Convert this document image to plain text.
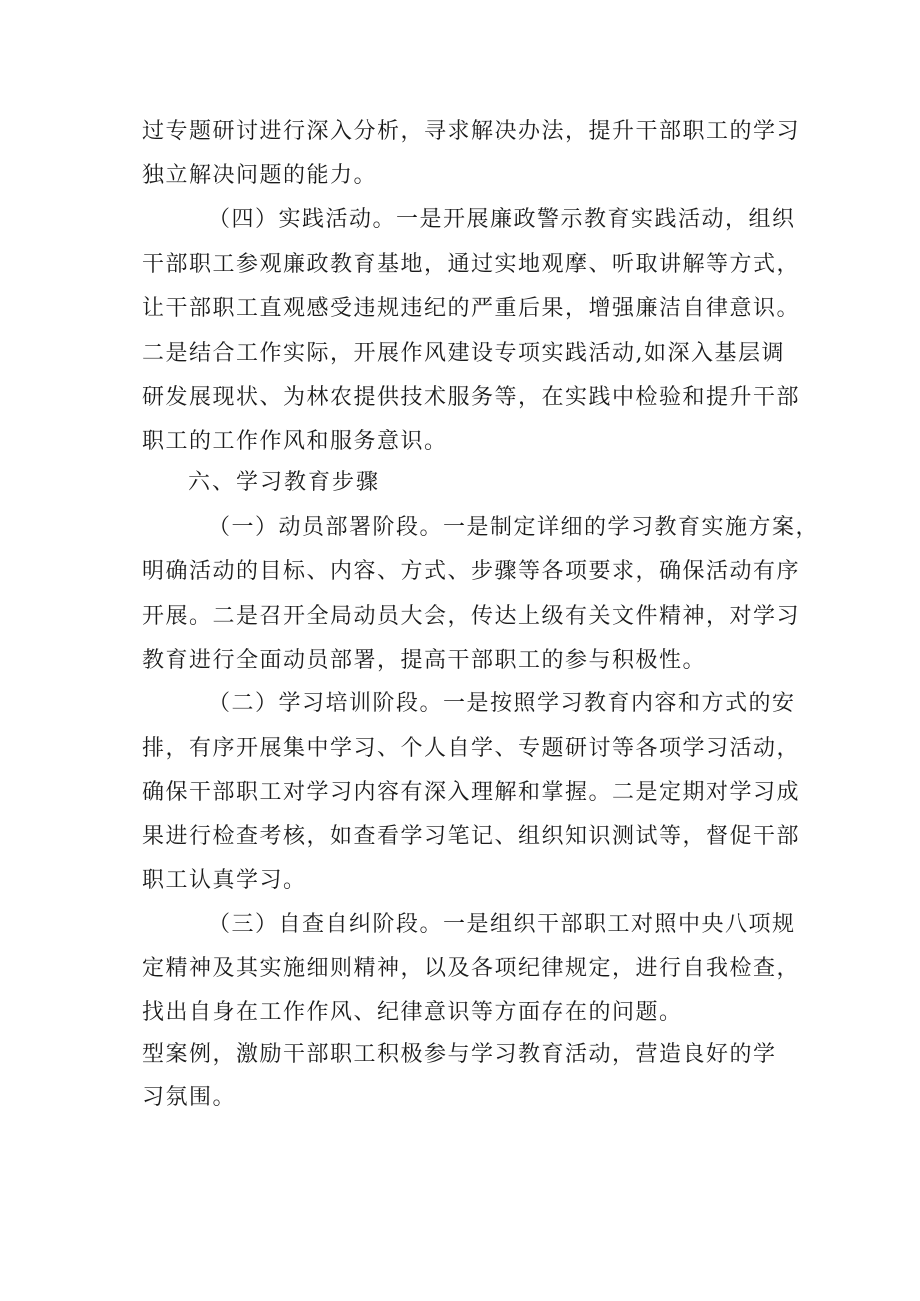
过专题研讨进行深入分析，寻求解决办法，提升干部职工的学习
独立解决问题的能力。
（四）实践活动。一是开展廉政警示教育实践活动，组织
干部职工参观廉政教育基地，通过实地观摩、听取讲解等方式，
让干部职工直观感受违规违纪的严重后果，增强廉洁自律意识。
二是结合工作实际，开展作风建设专项实践活动,如深入基层调
研发展现状、为林农提供技术服务等，在实践中检验和提升干部
职工的工作作风和服务意识。
六、学习教育步骤
（一）动员部署阶段。一是制定详细的学习教育实施方案，
明确活动的目标、内容、方式、步骤等各项要求，确保活动有序
开展。二是召开全局动员大会，传达上级有关文件精神，对学习
教育进行全面动员部署，提高干部职工的参与积极性。
（二）学习培训阶段。一是按照学习教育内容和方式的安
排，有序开展集中学习、个人自学、专题研讨等各项学习活动，
确保干部职工对学习内容有深入理解和掌握。二是定期对学习成
果进行检查考核，如查看学习笔记、组织知识测试等，督促干部
职工认真学习。
（三）自查自纠阶段。一是组织干部职工对照中央八项规
定精神及其实施细则精神，以及各项纪律规定，进行自我检查，
找出自身在工作作风、纪律意识等方面存在的问题。
型案例，激励干部职工积极参与学习教育活动，营造良好的学
习氛围。
